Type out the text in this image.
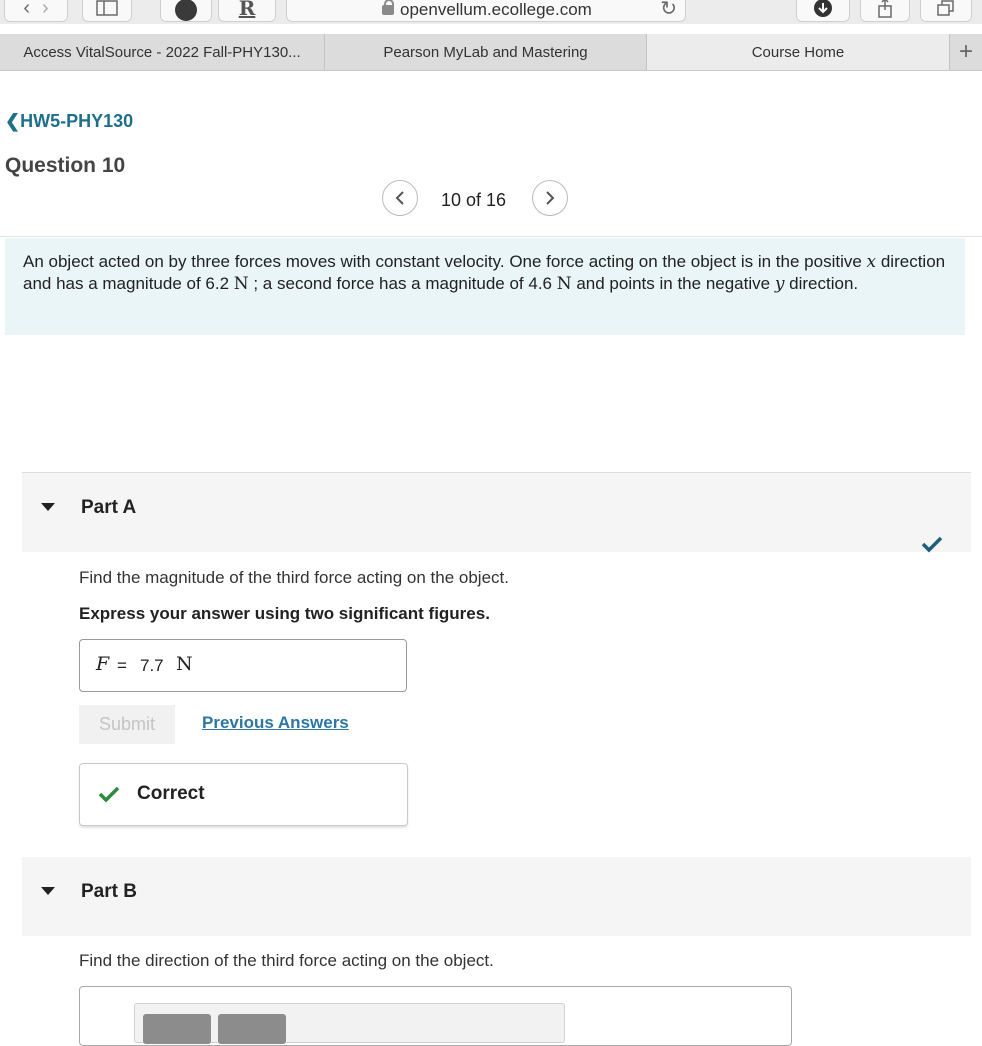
‹ ›	R	openvellum.ecollege.com	↻
Access VitalSource - 2022 Fall-PHY130...	Pearson MyLab and Mastering	Course Home	+
❮HW5-PHY130
Question 10
10 of 16
An object acted on by three forces moves with constant velocity. One force acting on the object is in the positive x direction and has a magnitude of 6.2 N ; a second force has a magnitude of 4.6 N and points in the negative y direction.
Part A
Find the magnitude of the third force acting on the object.
Express your answer using two significant figures.
F = 7.7 N
Submit	Previous Answers
Correct
Part B
Find the direction of the third force acting on the object.
